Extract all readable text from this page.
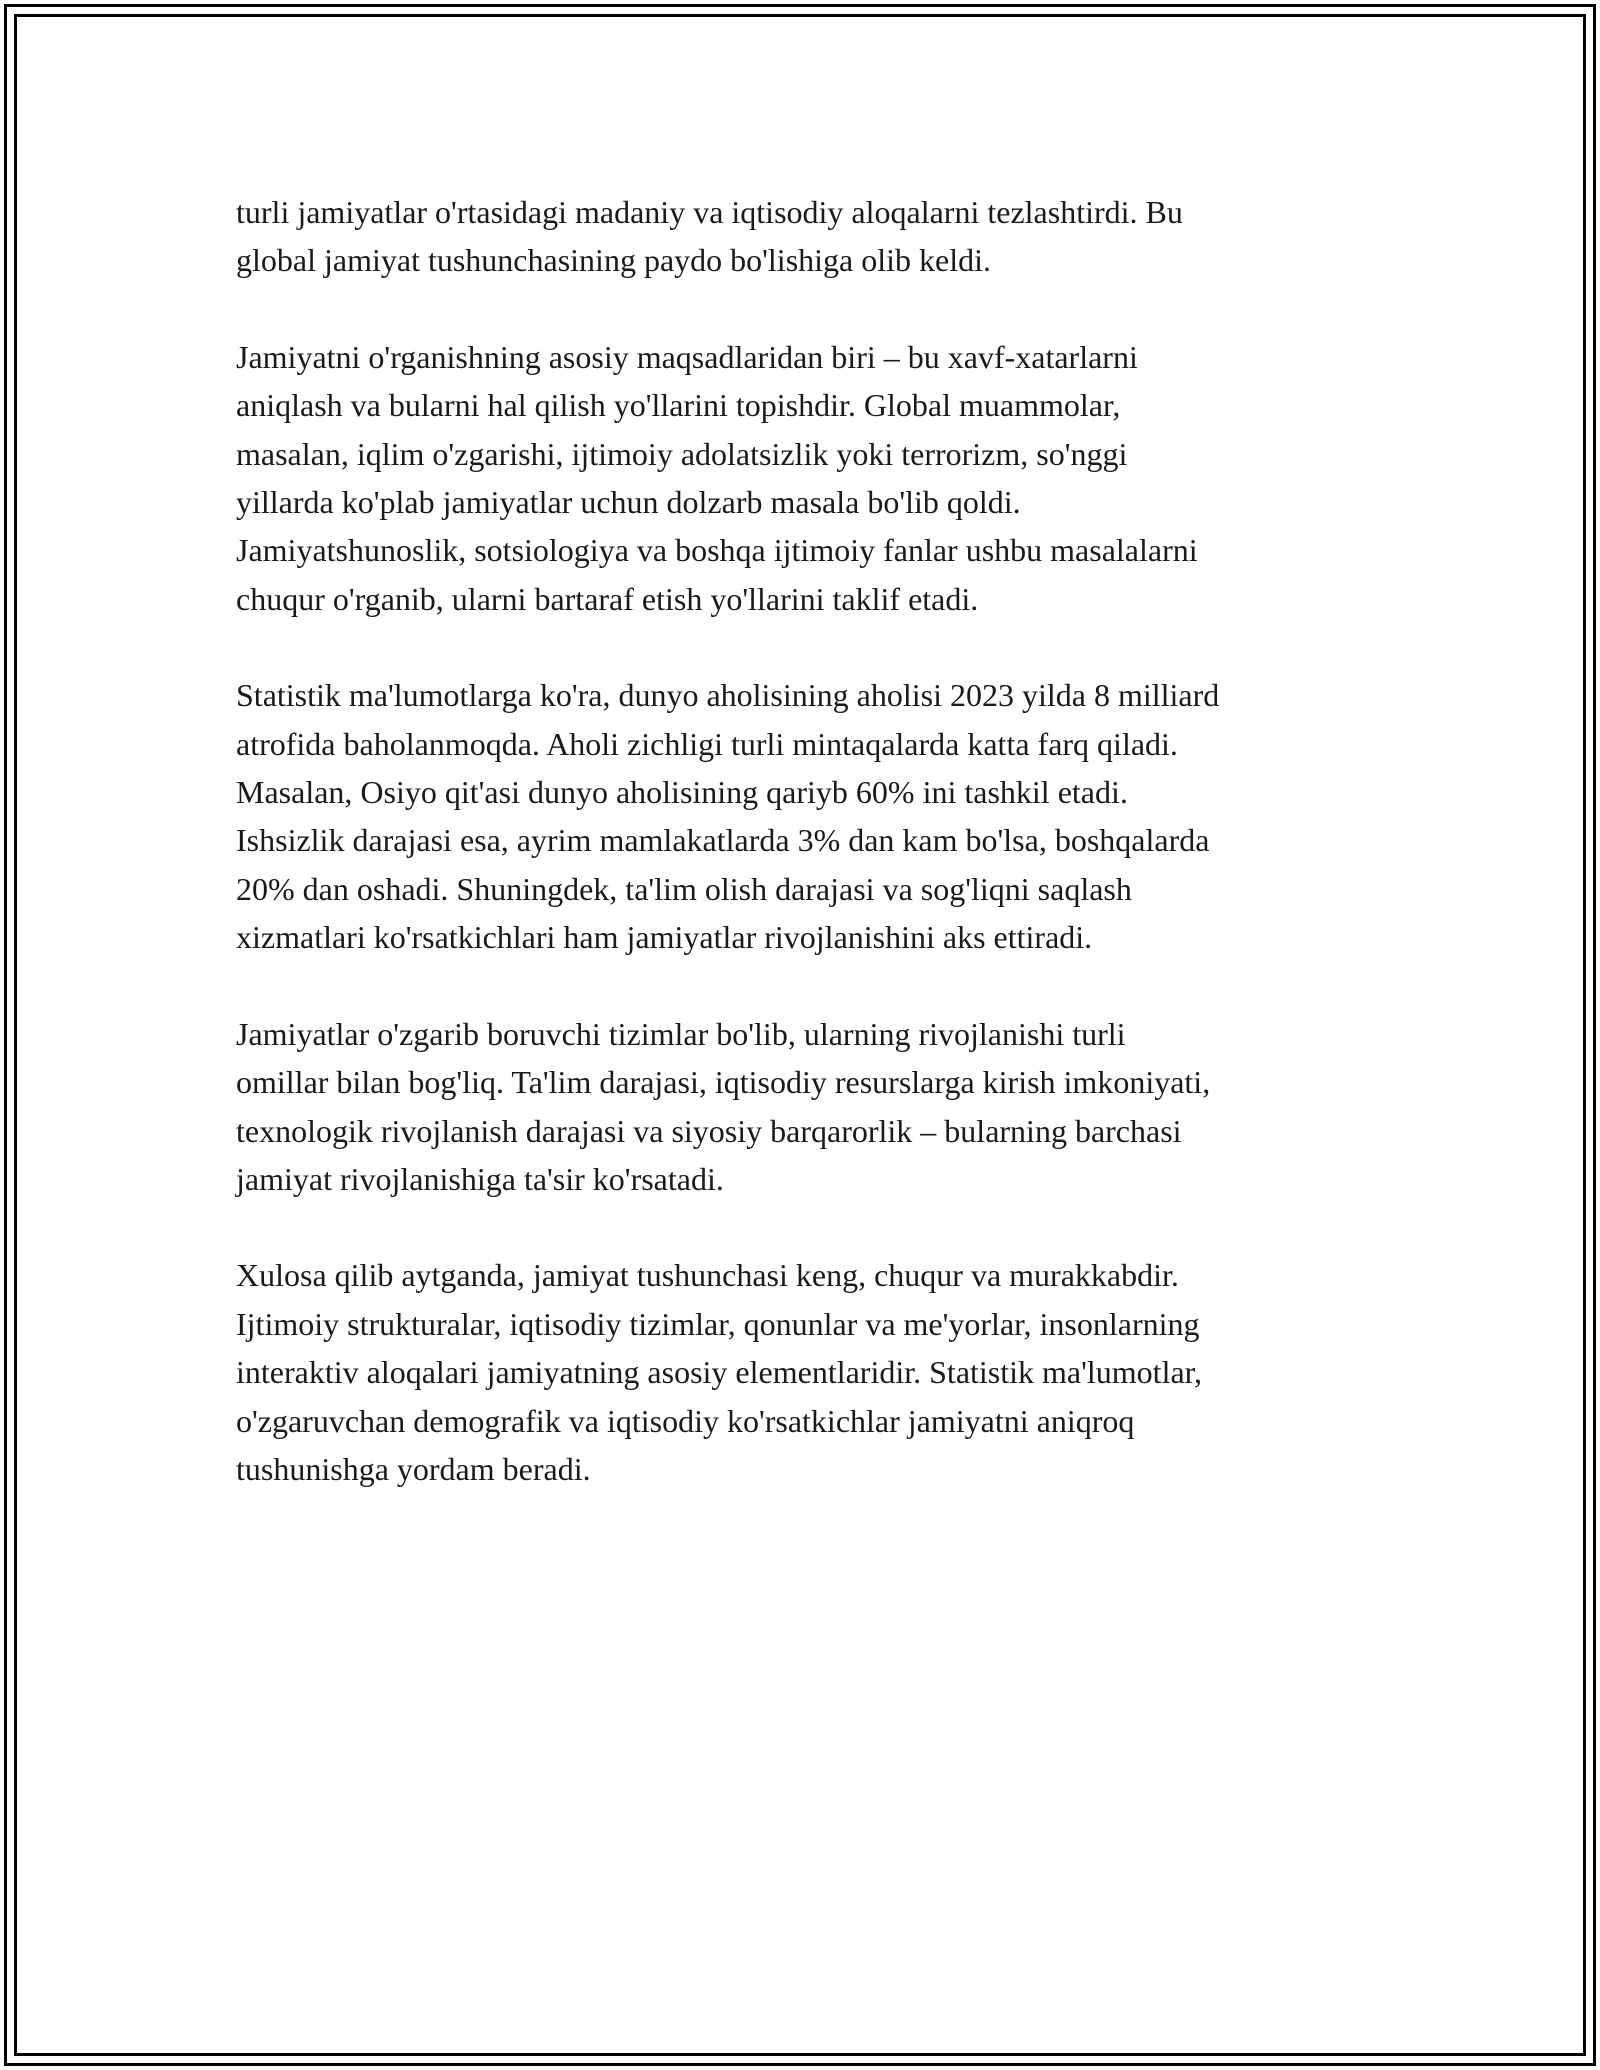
turli jamiyatlar o'rtasidagi madaniy va iqtisodiy aloqalarni tezlashtirdi. Bu
global jamiyat tushunchasining paydo bo'lishiga olib keldi.

Jamiyatni o'rganishning asosiy maqsadlaridan biri – bu xavf-xatarlarni
aniqlash va bularni hal qilish yo'llarini topishdir. Global muammolar,
masalan, iqlim o'zgarishi, ijtimoiy adolatsizlik yoki terrorizm, so'nggi
yillarda ko'plab jamiyatlar uchun dolzarb masala bo'lib qoldi.
Jamiyatshunoslik, sotsiologiya va boshqa ijtimoiy fanlar ushbu masalalarni
chuqur o'rganib, ularni bartaraf etish yo'llarini taklif etadi.

Statistik ma'lumotlarga ko'ra, dunyo aholisining aholisi 2023 yilda 8 milliard
atrofida baholanmoqda. Aholi zichligi turli mintaqalarda katta farq qiladi.
Masalan, Osiyo qit'asi dunyo aholisining qariyb 60% ini tashkil etadi.
Ishsizlik darajasi esa, ayrim mamlakatlarda 3% dan kam bo'lsa, boshqalarda
20% dan oshadi. Shuningdek, ta'lim olish darajasi va sog'liqni saqlash
xizmatlari ko'rsatkichlari ham jamiyatlar rivojlanishini aks ettiradi.

Jamiyatlar o'zgarib boruvchi tizimlar bo'lib, ularning rivojlanishi turli
omillar bilan bog'liq. Ta'lim darajasi, iqtisodiy resurslarga kirish imkoniyati,
texnologik rivojlanish darajasi va siyosiy barqarorlik – bularning barchasi
jamiyat rivojlanishiga ta'sir ko'rsatadi.

Xulosa qilib aytganda, jamiyat tushunchasi keng, chuqur va murakkabdir.
Ijtimoiy strukturalar, iqtisodiy tizimlar, qonunlar va me'yorlar, insonlarning
interaktiv aloqalari jamiyatning asosiy elementlaridir. Statistik ma'lumotlar,
o'zgaruvchan demografik va iqtisodiy ko'rsatkichlar jamiyatni aniqroq
tushunishga yordam beradi.
